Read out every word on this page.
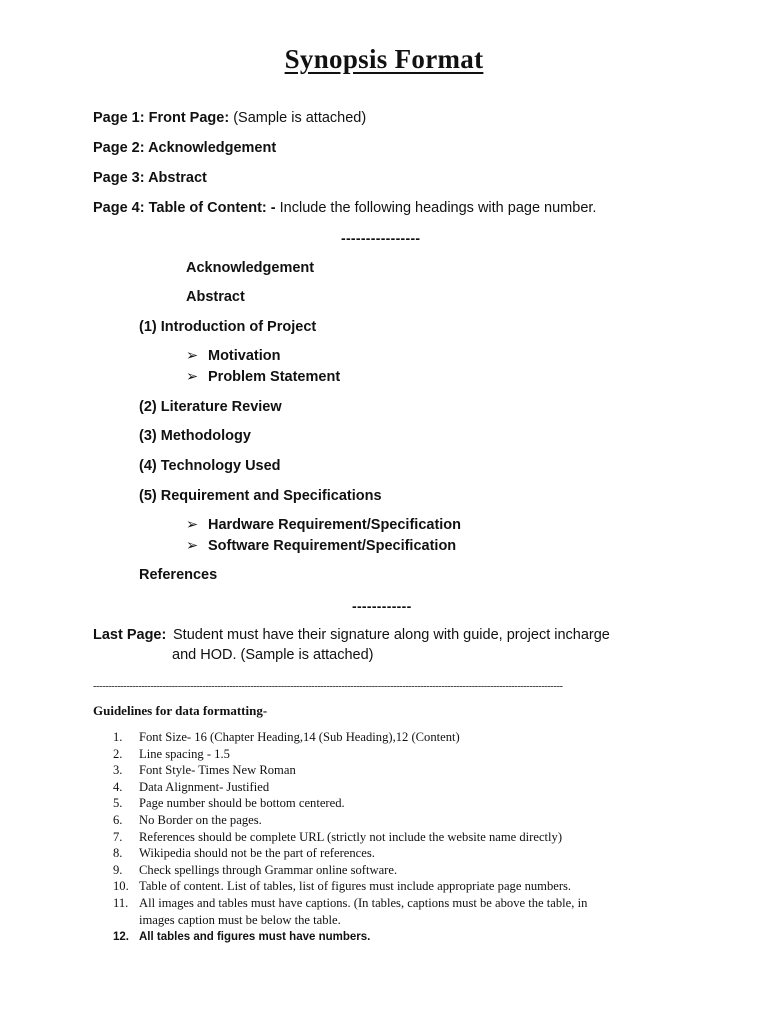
Synopsis Format
Page 1: Front Page: (Sample is attached)
Page 2: Acknowledgement
Page 3: Abstract
Page 4: Table of Content: - Include the following headings with page number.
----------------
Acknowledgement
Abstract
(1) Introduction of Project
➢ Motivation
➢ Problem Statement
(2) Literature Review
(3) Methodology
(4) Technology Used
(5) Requirement and Specifications
➢ Hardware Requirement/Specification
➢ Software Requirement/Specification
References
------------
Last Page: Student must have their signature along with guide, project incharge
and HOD. (Sample is attached)
-----------------------------------------------------------------------------------------------------------------------------------------------------------
Guidelines for data formatting-
1.	Font Size- 16 (Chapter Heading,14 (Sub Heading),12 (Content)
2.	Line spacing - 1.5
3.	Font Style- Times New Roman
4.	Data Alignment- Justified
5.	Page number should be bottom centered.
6.	No Border on the pages.
7.	References should be complete URL (strictly not include the website name directly)
8.	Wikipedia should not be the part of references.
9.	Check spellings through Grammar online software.
10. Table of content. List of tables, list of figures must include appropriate page numbers.
11. All images and tables must have captions. (In tables, captions must be above the table, in
images caption must be below the table.
12. All tables and figures must have numbers.
